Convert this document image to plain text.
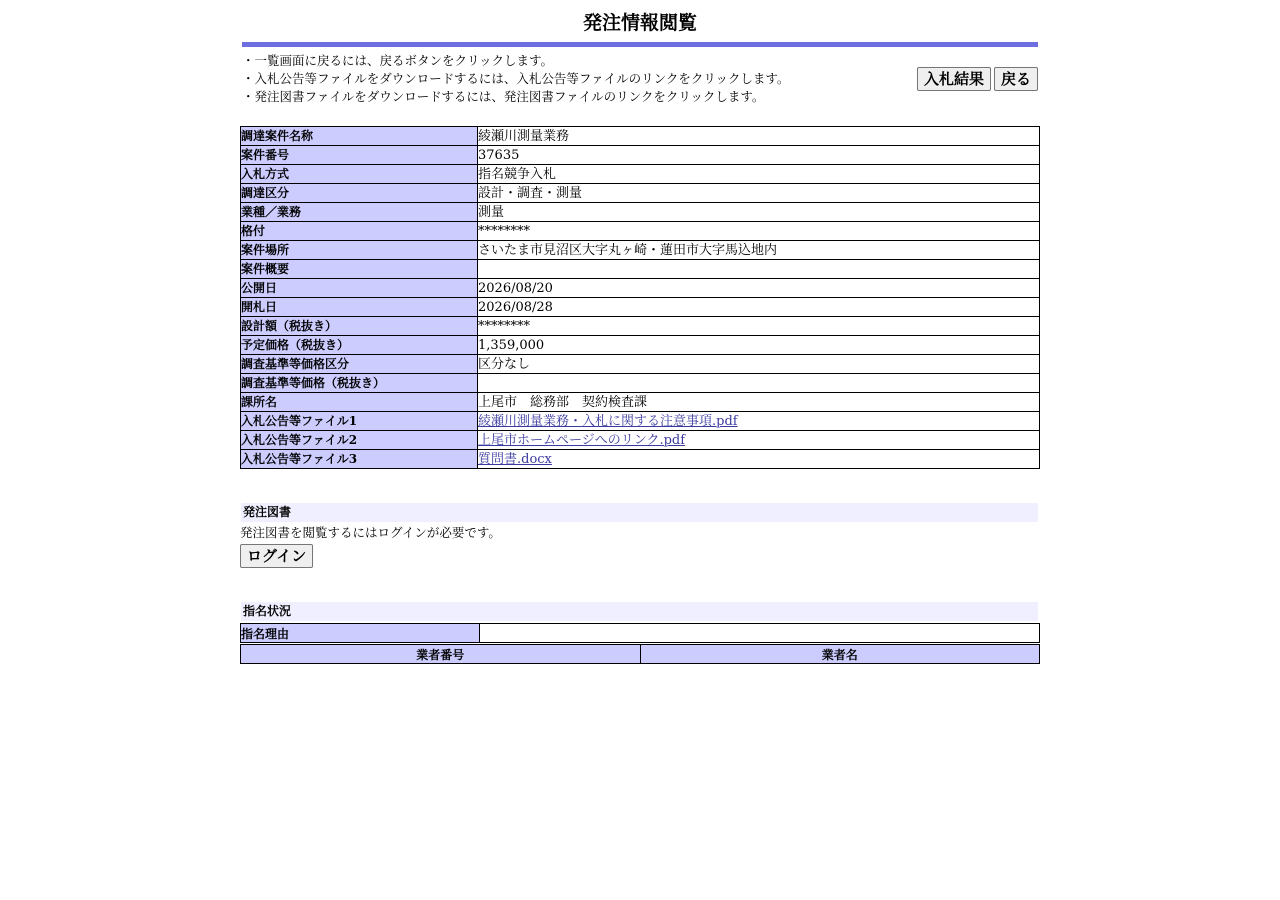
発注情報閲覧
・一覧画面に戻るには、戻るボタンをクリックします。
・入札公告等ファイルをダウンロードするには、入札公告等ファイルのリンクをクリックします。
・発注図書ファイルをダウンロードするには、発注図書ファイルのリンクをクリックします。
入札結果	戻る
調達案件名称	綾瀬川測量業務
案件番号	37635
入札方式	指名競争入札
調達区分	設計・調査・測量
業種／業務	測量
格付	********
案件場所	さいたま市見沼区大字丸ヶ崎・蓮田市大字馬込地内
案件概要	
公開日	2026/08/20
開札日	2026/08/28
設計額（税抜き）	********
予定価格（税抜き）	1,359,000
調査基準等価格区分	区分なし
調査基準等価格（税抜き）	
課所名	上尾市　総務部　契約検査課
入札公告等ファイル1	綾瀬川測量業務・入札に関する注意事項.pdf
入札公告等ファイル2	上尾市ホームページへのリンク.pdf
入札公告等ファイル3	質問書.docx
発注図書
発注図書を閲覧するにはログインが必要です。
ログイン
指名状況
指名理由	
業者番号	業者名
